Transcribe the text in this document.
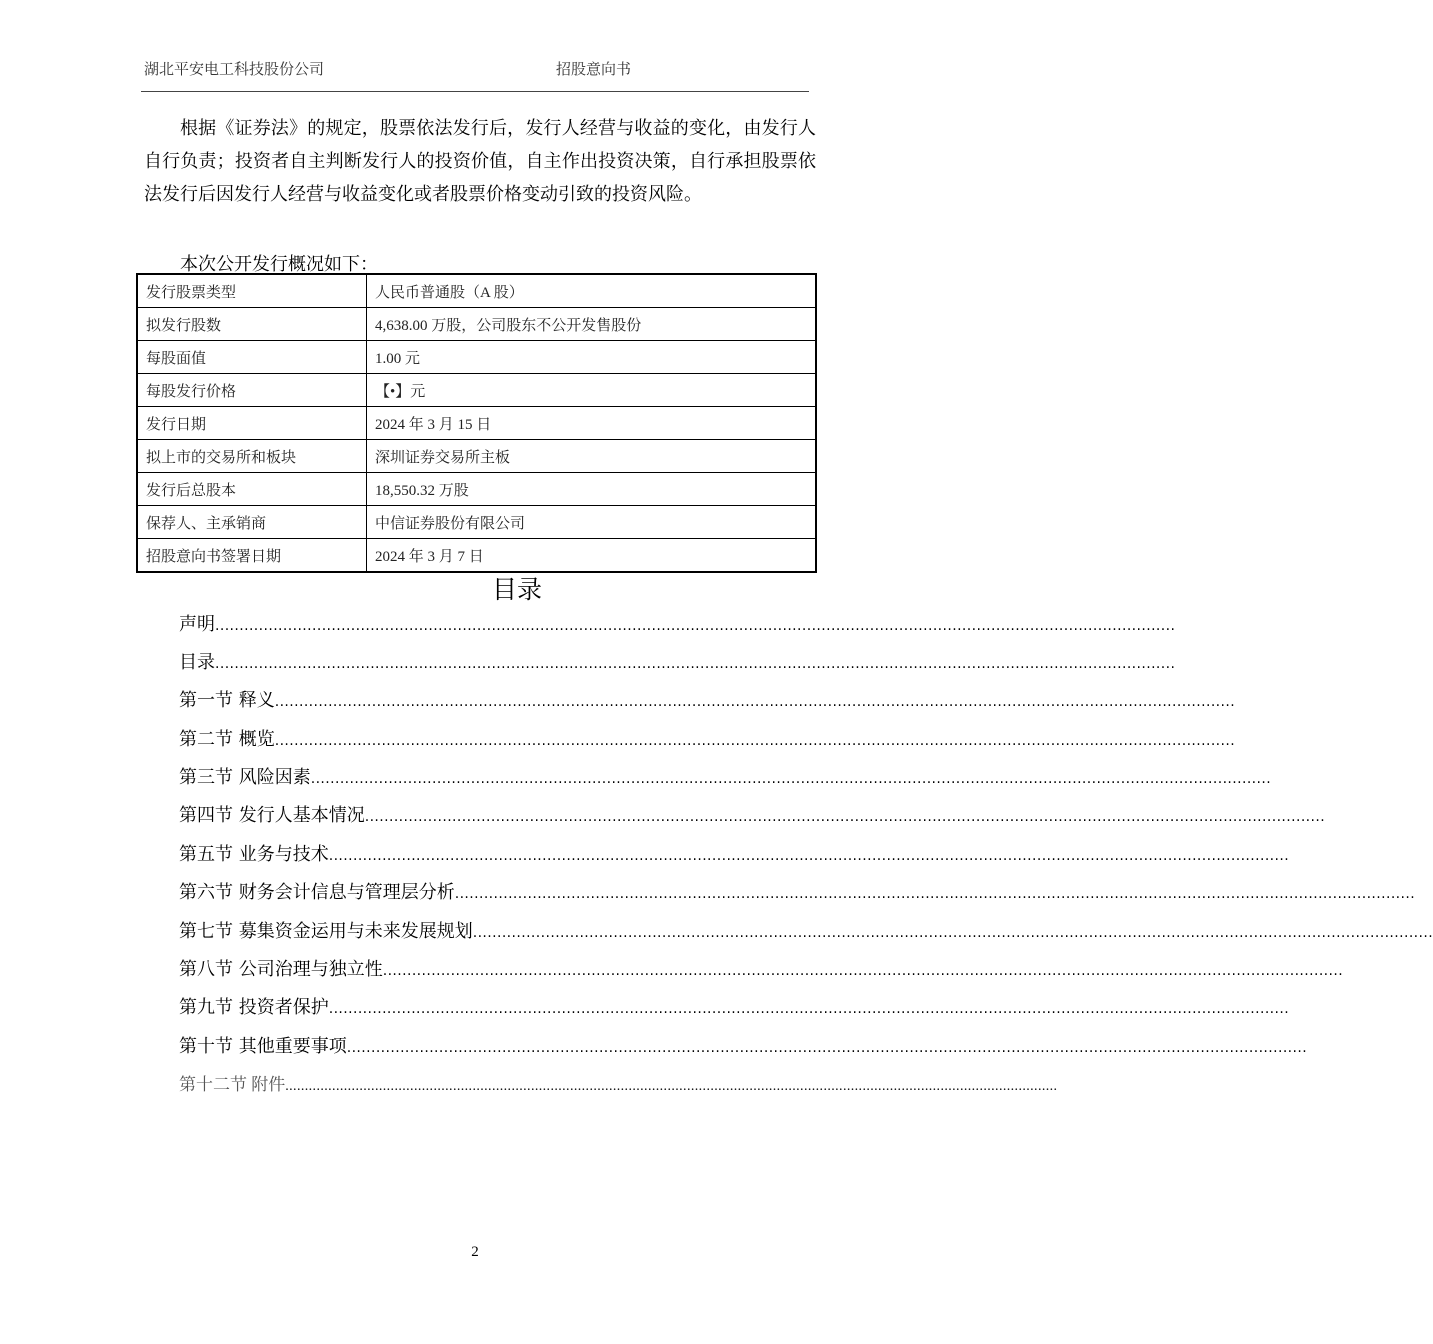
湖北平安电工科技股份公司	招股意向书
根据《证券法》的规定，股票依法发行后，发行人经营与收益的变化，由发行人自行负责；投资者自主判断发行人的投资价值，自主作出投资决策，自行承担股票依法发行后因发行人经营与收益变化或者股票价格变动引致的投资风险。
本次公开发行概况如下：
发行股票类型	人民币普通股（A 股）
拟发行股数	4,638.00 万股，公司股东不公开发售股份
每股面值	1.00 元
每股发行价格	【•】元
发行日期	2024 年 3 月 15 日
拟上市的交易所和板块	深圳证券交易所主板
发行后总股本	18,550.32 万股
保荐人、主承销商	中信证券股份有限公司
招股意向书签署日期	2024 年 3 月 7 日
目录
声明 ......................................................................................................................................................................................................
目录 ......................................................................................................................................................................................................
第一节 释义 ......................................................................................................................................................................................................
第二节 概览 ......................................................................................................................................................................................................
第三节 风险因素 ......................................................................................................................................................................................................
第四节 发行人基本情况 ......................................................................................................................................................................................................
第五节 业务与技术 ......................................................................................................................................................................................................
第六节 财务会计信息与管理层分析 ......................................................................................................................................................................................................
第七节 募集资金运用与未来发展规划 ......................................................................................................................................................................................................
第八节 公司治理与独立性 ......................................................................................................................................................................................................
第九节 投资者保护 ......................................................................................................................................................................................................
第十节 其他重要事项 ......................................................................................................................................................................................................
第十二节 附件 ......................................................................................................................................................................................................
2
